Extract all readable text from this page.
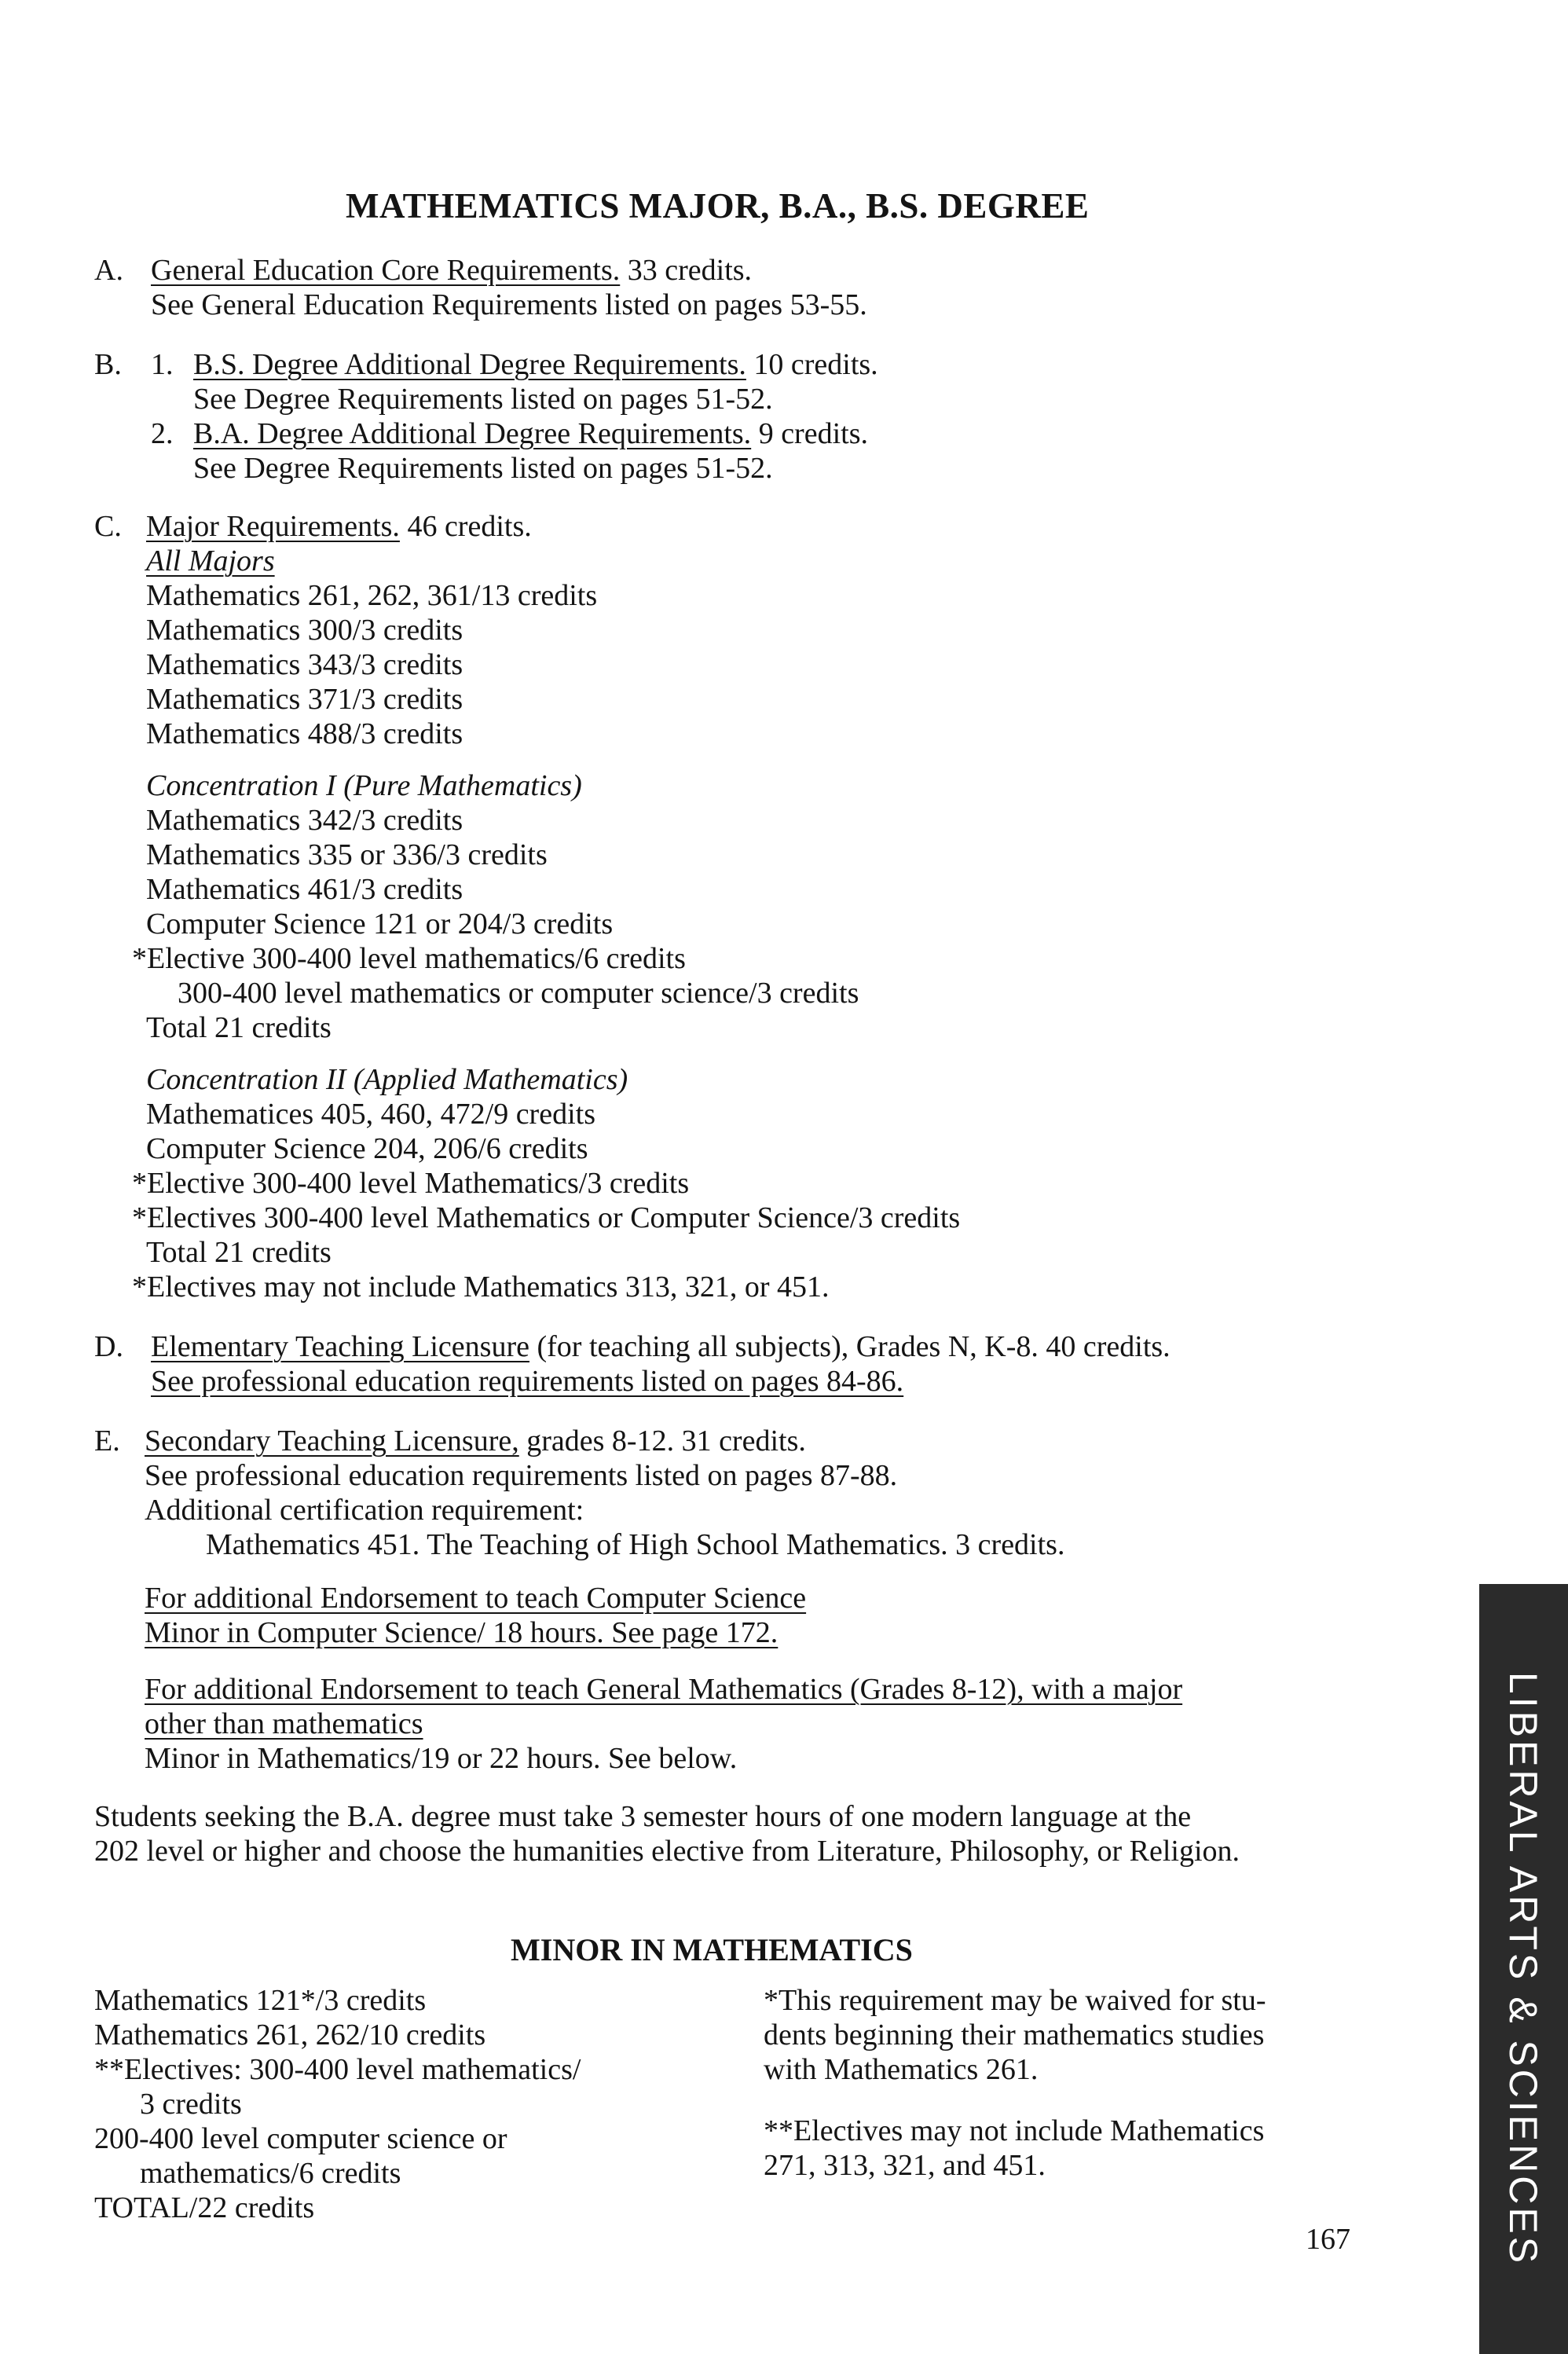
MATHEMATICS MAJOR, B.A., B.S. DEGREE
A. General Education Core Requirements. 33 credits.
See General Education Requirements listed on pages 53-55.
B. 1. B.S. Degree Additional Degree Requirements. 10 credits.
See Degree Requirements listed on pages 51-52.
2. B.A. Degree Additional Degree Requirements. 9 credits.
See Degree Requirements listed on pages 51-52.
C. Major Requirements. 46 credits.
All Majors
Mathematics 261, 262, 361/13 credits
Mathematics 300/3 credits
Mathematics 343/3 credits
Mathematics 371/3 credits
Mathematics 488/3 credits
Concentration I (Pure Mathematics)
Mathematics 342/3 credits
Mathematics 335 or 336/3 credits
Mathematics 461/3 credits
Computer Science 121 or 204/3 credits
*Elective 300-400 level mathematics/6 credits
300-400 level mathematics or computer science/3 credits
Total 21 credits
Concentration II (Applied Mathematics)
Mathematices 405, 460, 472/9 credits
Computer Science 204, 206/6 credits
*Elective 300-400 level Mathematics/3 credits
*Electives 300-400 level Mathematics or Computer Science/3 credits
Total 21 credits
*Electives may not include Mathematics 313, 321, or 451.
D. Elementary Teaching Licensure (for teaching all subjects), Grades N, K-8. 40 credits.
See professional education requirements listed on pages 84-86.
E. Secondary Teaching Licensure, grades 8-12. 31 credits.
See professional education requirements listed on pages 87-88.
Additional certification requirement:
Mathematics 451. The Teaching of High School Mathematics. 3 credits.
For additional Endorsement to teach Computer Science
Minor in Computer Science/ 18 hours. See page 172.
For additional Endorsement to teach General Mathematics (Grades 8-12), with a major
other than mathematics
Minor in Mathematics/19 or 22 hours. See below.
Students seeking the B.A. degree must take 3 semester hours of one modern language at the
202 level or higher and choose the humanities elective from Literature, Philosophy, or Religion.
MINOR IN MATHEMATICS
Mathematics 121*/3 credits
Mathematics 261, 262/10 credits
**Electives: 300-400 level mathematics/
3 credits
200-400 level computer science or
mathematics/6 credits
TOTAL/22 credits
*This requirement may be waived for stu-
dents beginning their mathematics studies
with Mathematics 261.
**Electives may not include Mathematics
271, 313, 321, and 451.
167	LIBERAL ARTS & SCIENCES
